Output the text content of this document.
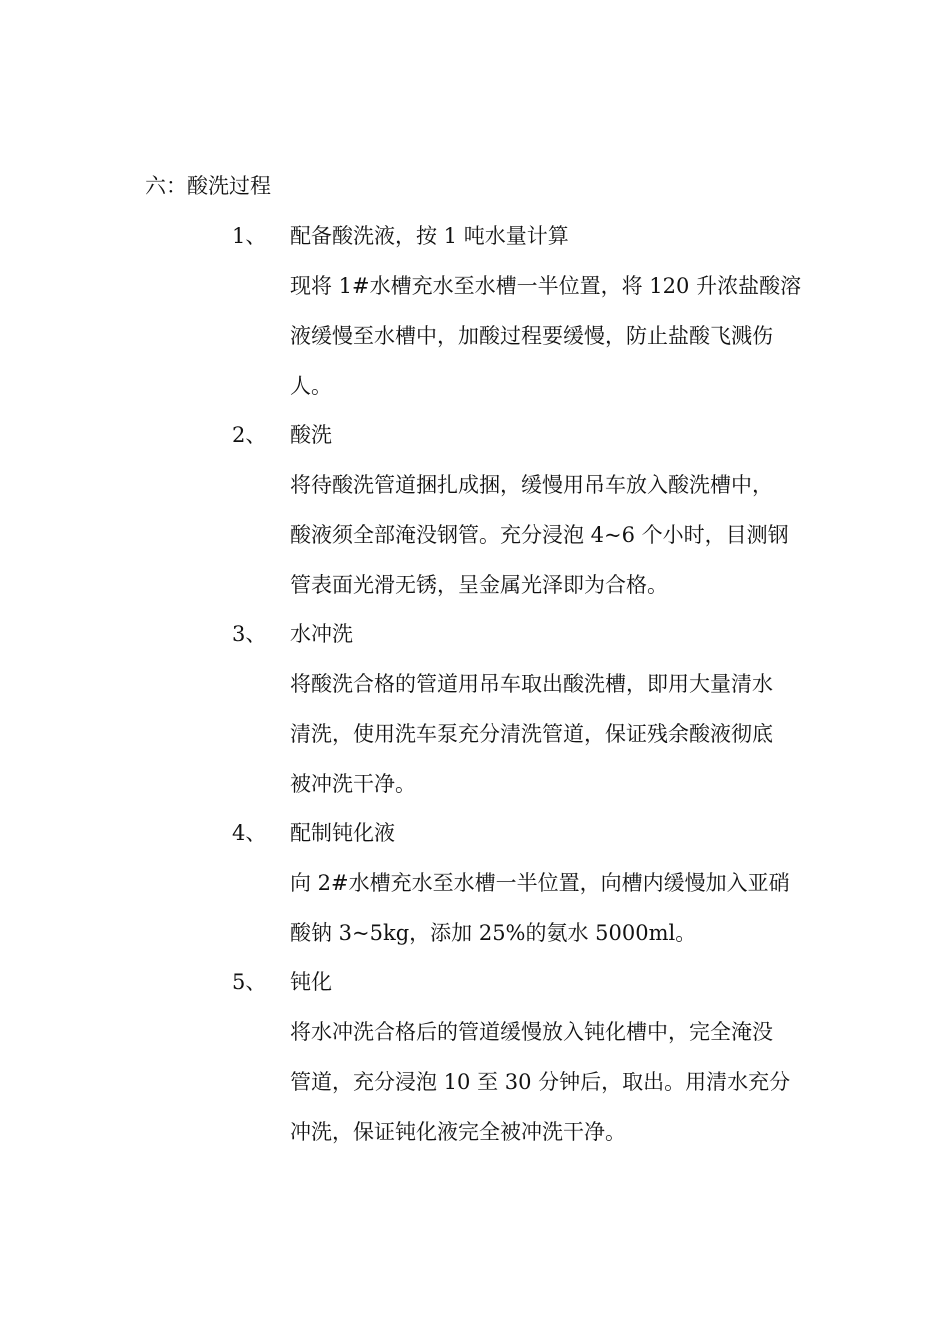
六：酸洗过程
1、 配备酸洗液，按 1 吨水量计算
现将 1#水槽充水至水槽一半位置，将 120 升浓盐酸溶
液缓慢至水槽中，加酸过程要缓慢，防止盐酸飞溅伤
人。
2、 酸洗
将待酸洗管道捆扎成捆，缓慢用吊车放入酸洗槽中，
酸液须全部淹没钢管。充分浸泡 4~6 个小时，目测钢
管表面光滑无锈，呈金属光泽即为合格。
3、 水冲洗
将酸洗合格的管道用吊车取出酸洗槽，即用大量清水
清洗，使用洗车泵充分清洗管道，保证残余酸液彻底
被冲洗干净。
4、 配制钝化液
向 2#水槽充水至水槽一半位置，向槽内缓慢加入亚硝
酸钠 3~5kg，添加 25%的氨水 5000ml。
5、 钝化
将水冲洗合格后的管道缓慢放入钝化槽中，完全淹没
管道，充分浸泡 10 至 30 分钟后，取出。用清水充分
冲洗，保证钝化液完全被冲洗干净。
